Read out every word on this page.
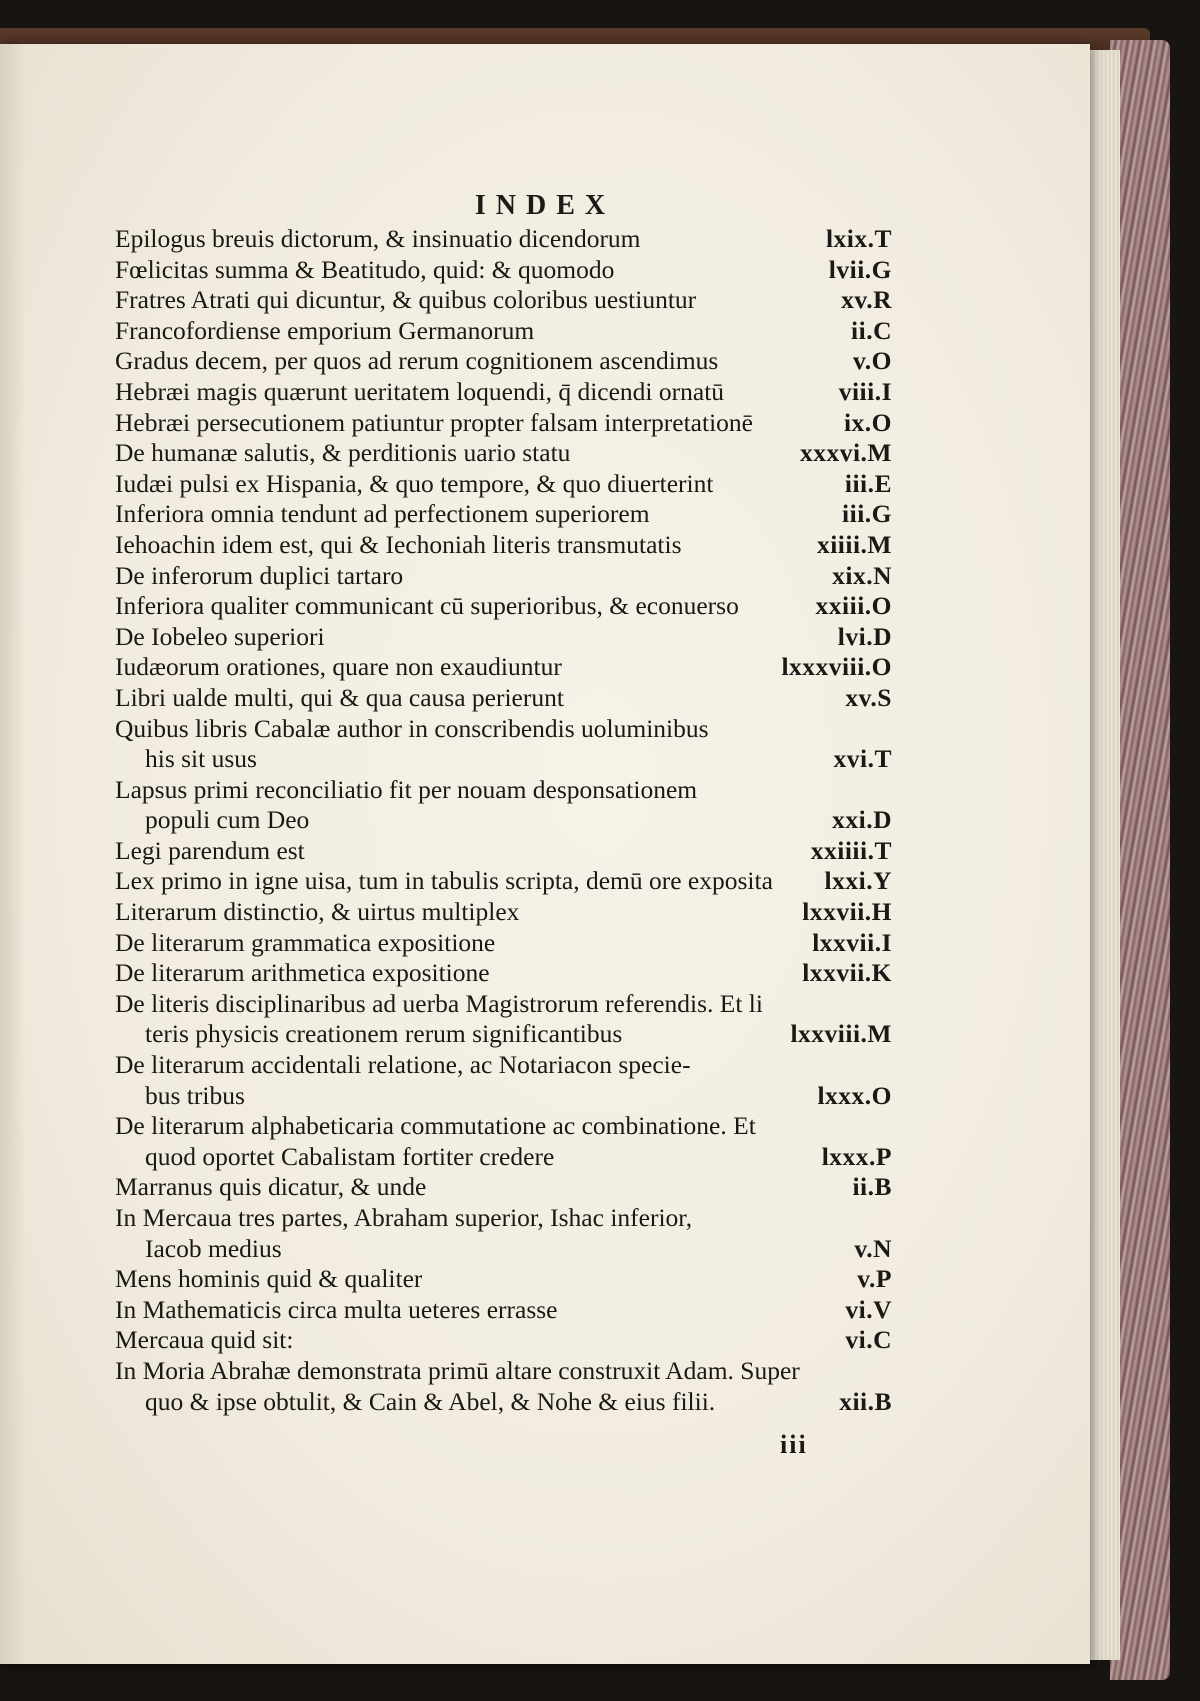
INDEX
Epilogus breuis dictorum, & insinuatio dicendorum	lxix.T
Fœlicitas summa & Beatitudo, quid: & quomodo	lvii.G
Fratres Atrati qui dicuntur, & quibus coloribus uestiuntur	xv.R
Francofordiense emporium Germanorum	ii.C
Gradus decem, per quos ad rerum cognitionem ascendimus	v.O
Hebræi magis quærunt ueritatem loquendi, q̄ dicendi ornatū	viii.I
Hebræi persecutionem patiuntur propter falsam interpretationē	ix.O
De humanæ salutis, & perditionis uario statu	xxxvi.M
Iudæi pulsi ex Hispania, & quo tempore, & quo diuerterint	iii.E
Inferiora omnia tendunt ad perfectionem superiorem	iii.G
Iehoachin idem est, qui & Iechoniah literis transmutatis	xiiii.M
De inferorum duplici tartaro	xix.N
Inferiora qualiter communicant cū superioribus, & econuerso	xxiii.O
De Iobeleo superiori	lvi.D
Iudæorum orationes, quare non exaudiuntur	lxxxviii.O
Libri ualde multi, qui & qua causa perierunt	xv.S
Quibus libris Cabalæ author in conscribendis uoluminibus
his sit usus	xvi.T
Lapsus primi reconciliatio fit per nouam desponsationem
populi cum Deo	xxi.D
Legi parendum est	xxiiii.T
Lex primo in igne uisa, tum in tabulis scripta, demū ore exposita lxxi.Y
Literarum distinctio, & uirtus multiplex	lxxvii.H
De literarum grammatica expositione	lxxvii.I
De literarum arithmetica expositione	lxxvii.K
De literis disciplinaribus ad uerba Magistrorum referendis. Et li
teris physicis creationem rerum significantibus	lxxviii.M
De literarum accidentali relatione, ac Notariacon specie-
bus tribus	lxxx.O
De literarum alphabeticaria commutatione ac combinatione. Et
quod oportet Cabalistam fortiter credere	lxxx.P
Marranus quis dicatur, & unde	ii.B
In Mercaua tres partes, Abraham superior, Ishac inferior,
Iacob medius	v.N
Mens hominis quid & qualiter	v.P
In Mathematicis circa multa ueteres errasse	vi.V
Mercaua quid sit:	vi.C
In Moria Abrahæ demonstrata primū altare construxit Adam. Super
quo & ipse obtulit, & Cain & Abel, & Nohe & eius filii.	xii.B
iii
